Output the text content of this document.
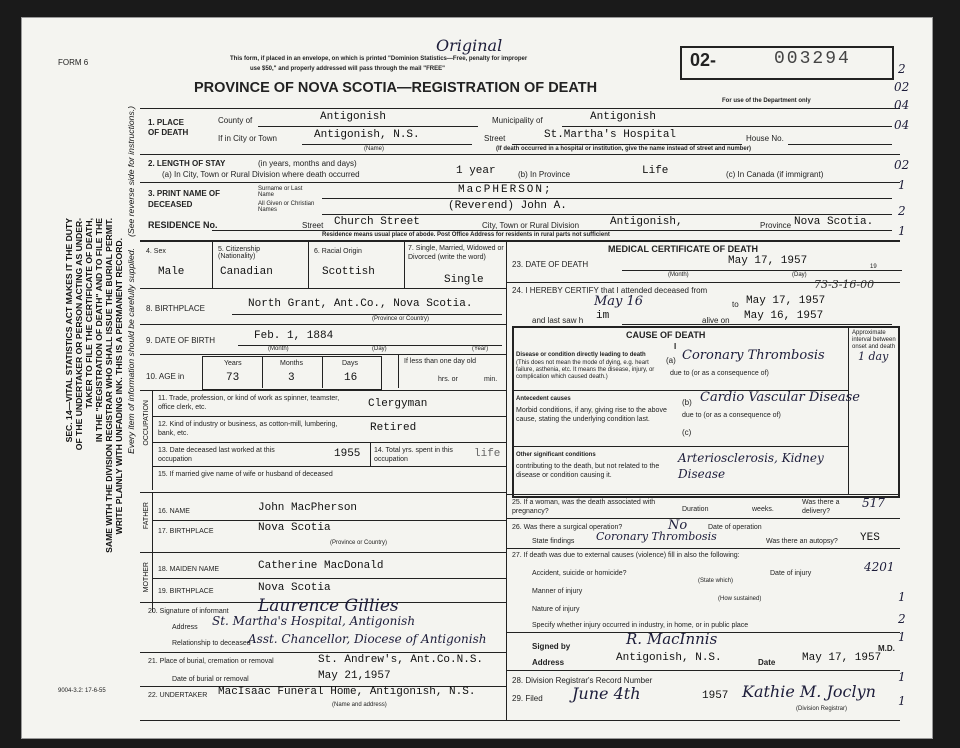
SEC. 14—VITAL STATISTICS ACT MAKES IT THE DUTY OF THE UNDERTAKER OR PERSON ACTING AS UNDER- TAKER TO FILE THE CERTIFICATE OF DEATH, IN THE "REGISTRATION OF DEATH" AND TO FILE THE SAME WITH THE DIVISION REGISTRAR WHO SHALL ISSUE THE BURIAL PERMIT. WRITE PLAINLY WITH UNFADING INK. THIS IS A PERMANENT RECORD. Every item of information should be carefully supplied.
(See reverse side for instructions.)
FORM 6
Original
This form, if placed in an envelope, on which is printed "Dominion Statistics—Free, penalty for improper
use $50," and properly addressed will pass through the mail "FREE"
PROVINCE OF NOVA SCOTIA—REGISTRATION OF DEATH
02-	003294
For use of the Department only
1. PLACE OF DEATH
County of	Antigonish	Municipality of	Antigonish
If in City or Town	Antigonish, N.S.
(Name)
Street	St.Martha's Hospital	House No.
(If death occurred in a hospital or institution, give the name instead of street and number)
2. LENGTH OF STAY	(in years, months and days)
(a) In City, Town or Rural Division where death occurred	1 year	(b) In Province	Life	(c) In Canada (if immigrant)
3. PRINT NAME OF DECEASED
Surname or Last Name	MacPHERSON;
All Given or Christian Names	(Reverend) John A.
RESIDENCE No.	Street Church Street	City, Town or Rural Division	Antigonish,	Province Nova Scotia.
Residence means usual place of abode. Post Office Address for residents in rural parts not sufficient
4. Sex
Male
5. Citizenship (Nationality)
Canadian
6. Racial Origin
Scottish
7. Single, Married, Widowed or Divorced (write the word)
Single
8. BIRTHPLACE	North Grant, Ant.Co., Nova Scotia.
(Province or Country)
9. DATE OF BIRTH	Feb. 1, 1884
(Month)	(Day)	(Year)
10. AGE in
Years
73
Months
3
Days
16
If less than one day old
hrs. or	min.
OCCUPATION
11. Trade, profession, or kind of work as spinner, teamster, office clerk, etc.	Clergyman
12. Kind of industry or business, as cotton-mill, lumbering, bank, etc.	Retired
13. Date deceased last worked at this occupation	1955 14. Total yrs. spent in this occupation	life
15. If married give name of wife or husband of deceased
FATHER 16. NAME	John MacPherson
17. BIRTHPLACE	Nova Scotia
(Province or Country)
MOTHER 18. MAIDEN NAME	Catherine MacDonald
19. BIRTHPLACE	Nova Scotia
20. Signature of informant Laurence Gillies
Address St. Martha's Hospital, Antigonish
Relationship to deceased
Asst. Chancellor, Diocese of Antigonish
21. Place of burial, cremation or removal	St. Andrew's, Ant.Co.N.S.
Date of burial or removal	May 21,1957
22. UNDERTAKER MacIsaac Funeral Home, Antigonish, N.S.
(Name and address)
9004-3.2: 17-6-55
MEDICAL CERTIFICATE OF DEATH
23. DATE OF DEATH	May 17, 1957
(Month)	(Day)
19
24. I HEREBY CERTIFY that I attended deceased from	73-3-16-00
May 16	to May 17, 1957
and last saw h im	alive on May 16, 1957
CAUSE OF DEATH	Approximate interval between onset and death
I
Disease or condition directly leading to death
(This does not mean the mode of dying, e.g. heart failure, asthenia, etc. It means the disease, injury, or complication which caused death.)
(a) Coronary Thrombosis	1 day
due to (or as a consequence of)
Antecedent causes
Morbid conditions, if any, giving rise to the above cause, stating the underlying condition last.
(b) Cardio Vascular Disease
due to (or as a consequence of)
(c)
Other significant conditions
contributing to the death, but not related to the disease or condition causing it.
Arteriosclerosis, Kidney Disease
25. If a woman, was the death associated with pregnancy?	Duration	weeks.
Was there a delivery?
517
26. Was there a surgical operation?	No	Date of operation
State findings Coronary Thrombosis	Was there an autopsy? YES
27. If death was due to external causes (violence) fill in also the following:
Accident, suicide or homicide?
(State which)
Date of injury	4201
Manner of injury
(How sustained)
Nature of injury
Specify whether injury occurred in industry, in home, or in public place
Signed by	R. MacInnis
M.D.
Address	Antigonish, N.S.	Date May 17, 1957
28. Division Registrar's Record Number
29. Filed June 4th	1957 Kathie M. Joclyn
(Division Registrar)
2
02
04
04
02
1
2
1
1
2
1
1
1
